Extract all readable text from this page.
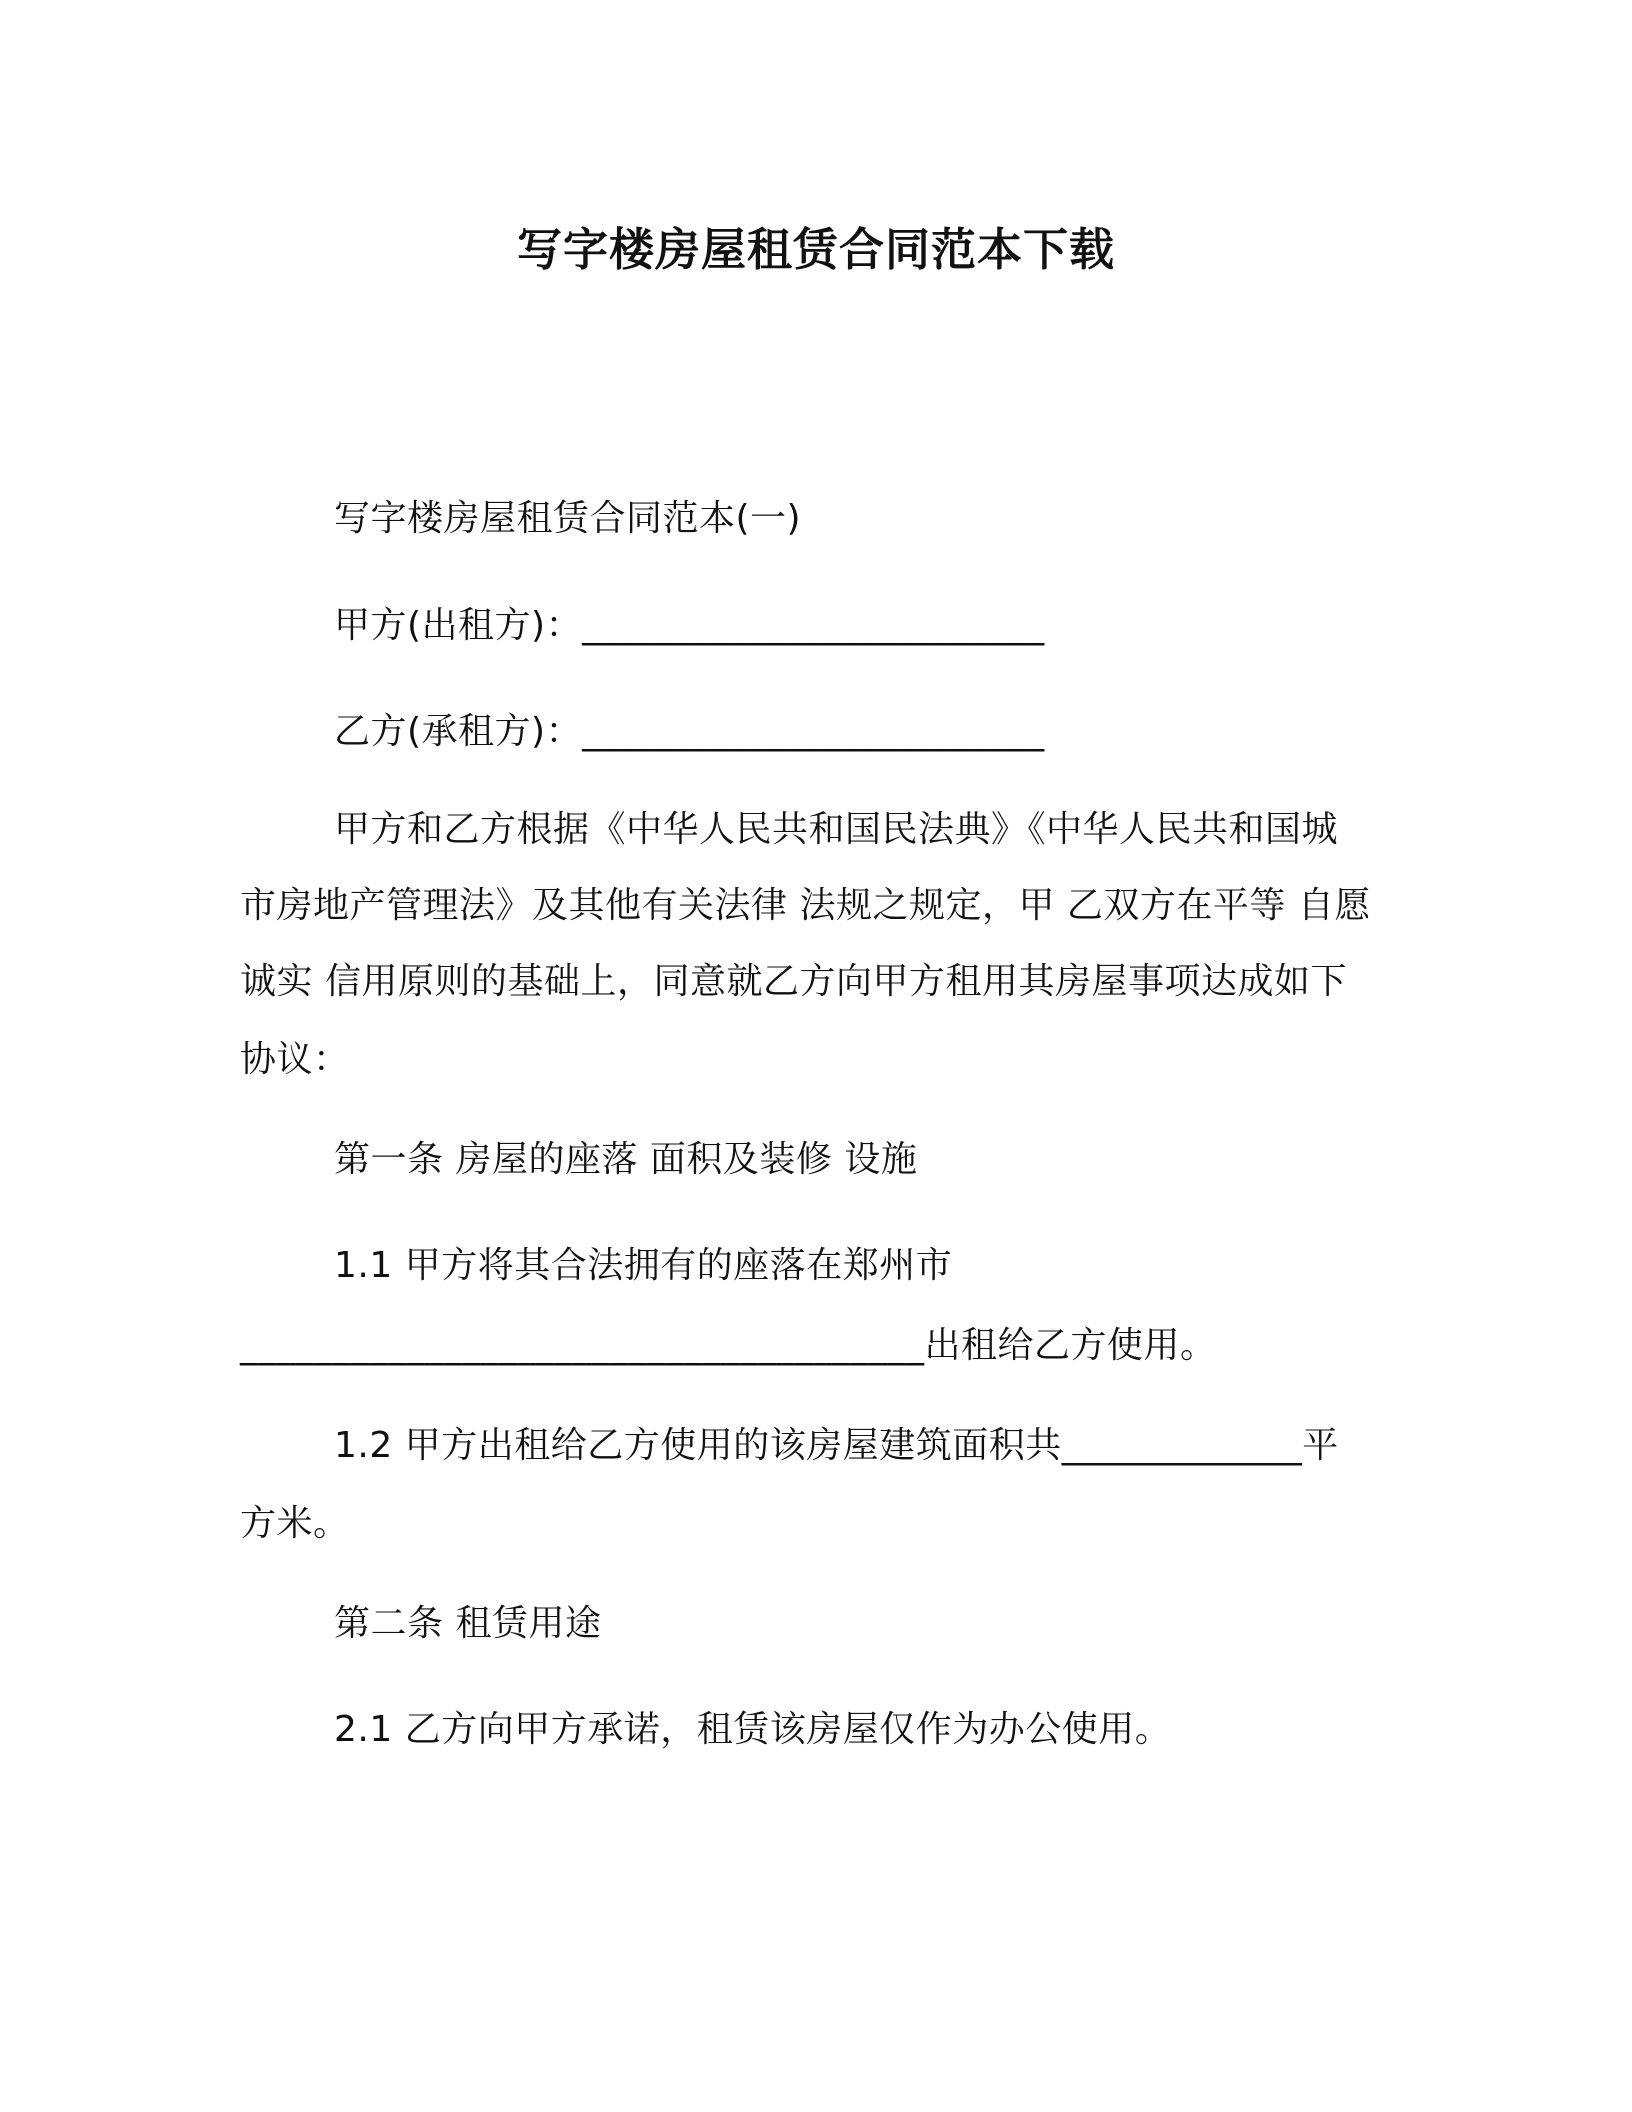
写字楼房屋租赁合同范本下载
写字楼房屋租赁合同范本(一)
甲方(出租方)：_________________________
乙方(承租方)：_________________________
甲方和乙方根据《中华人民共和国民法典》《中华人民共和国城
市房地产管理法》及其他有关法律 法规之规定，甲 乙双方在平等 自愿
诚实 信用原则的基础上，同意就乙方向甲方租用其房屋事项达成如下
协议：
第一条 房屋的座落 面积及装修 设施
1.1 甲方将其合法拥有的座落在郑州市
_____________________________________出租给乙方使用。
1.2 甲方出租给乙方使用的该房屋建筑面积共_____________平
方米。
第二条 租赁用途
2.1 乙方向甲方承诺，租赁该房屋仅作为办公使用。
